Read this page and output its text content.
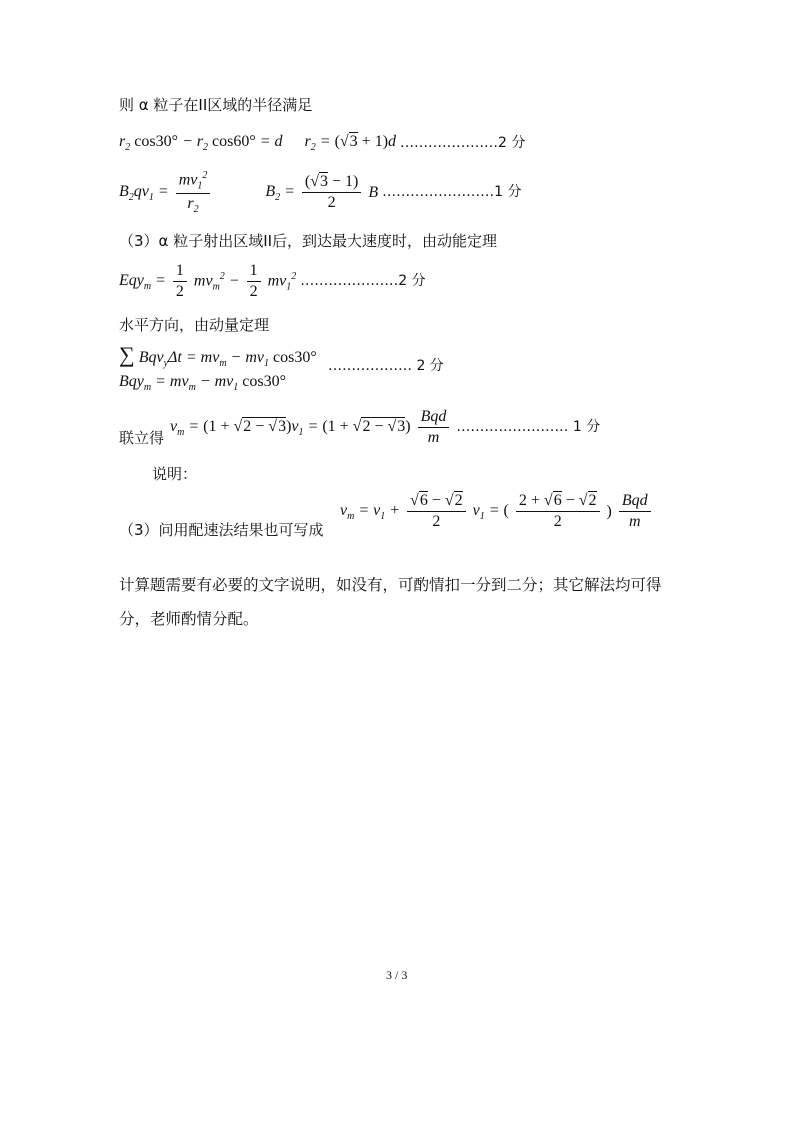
则 α 粒子在II区域的半径满足
$r_2$ $\cos 30^\circ - r_2$ cos60° = d $r_2 = (√3 + 1)d$ …………………2 分
$B_2qv_1 = \frac{mv_1^2}{r_2}$	$B_2 = \frac{(√3 - 1)}{2}$ B ……………………1 分
（3）α 粒子射出区域II后，到达最大速度时，由动能定理
$Eqy_m = \frac{1}{2} mv_m^2 - \frac{1}{2} mv_1^2$ …………………2 分
水平方向，由动量定理
∑ $Bqv_y\Delta t = mv_m - mv_1$ cos30°
$Bqy_m = mv_m - mv_1$ cos30°
……………… 2 分
联立得
$v_m = (1 + √2 - √3)v_1 = (1 + √2 - √3) \frac{\text{Bqd}}{m}$ …………………… 1 分
说明：
（3）问用配速法结果也可写成
$v_m = v_1 + \frac{√6 - √2}{2} v_1$ = ( $\frac{2 + √6 - √2}{2}$ ) $\frac{\text{Bqd}}{m}$
计算题需要有必要的文字说明，如没有，可酌情扣一分到二分；其它解法均可得
分，老师酌情分配。
3 / 3
